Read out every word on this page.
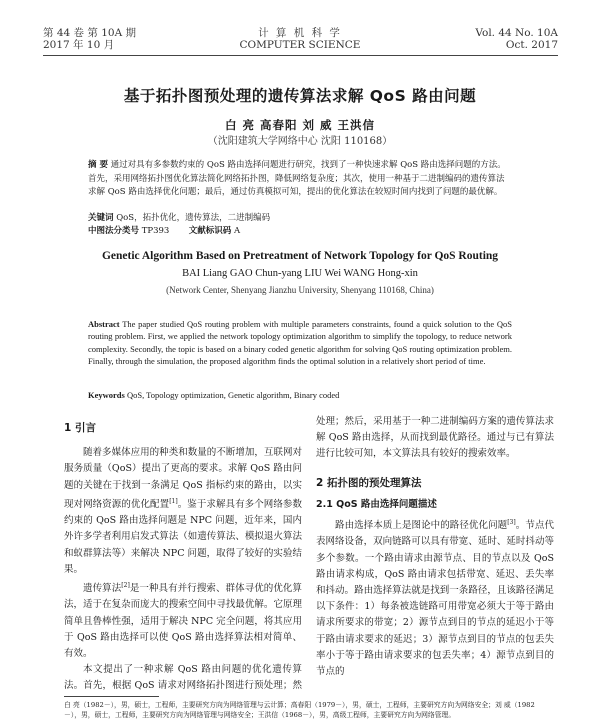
第 44 卷 第 10A 期
2017 年 10 月
计 算 机 科 学
COMPUTER SCIENCE
Vol. 44 No. 10A
Oct. 2017
基于拓扑图预处理的遗传算法求解 QoS 路由问题
白 亮 高春阳 刘 威 王洪信
（沈阳建筑大学网络中心 沈阳 110168）
摘 要 通过对具有多参数约束的 QoS 路由选择问题进行研究，找到了一种快速求解 QoS 路由选择问题的方法。首先，采用网络拓扑图优化算法简化网络拓扑图，降低网络复杂度；其次，使用一种基于二进制编码的遗传算法求解 QoS 路由选择优化问题；最后，通过仿真模拟可知，提出的优化算法在较短时间内找到了问题的最优解。
关键词 QoS，拓扑优化，遗传算法，二进制编码
中图法分类号 TP393 文献标识码 A
Genetic Algorithm Based on Pretreatment of Network Topology for QoS Routing
BAI Liang GAO Chun-yang LIU Wei WANG Hong-xin
(Network Center, Shenyang Jianzhu University, Shenyang 110168, China)
Abstract The paper studied QoS routing problem with multiple parameters constraints, found a quick solution to the QoS routing problem. First, we applied the network topology optimization algorithm to simplify the topology, to reduce network complexity. Secondly, the topic is based on a binary coded genetic algorithm for solving QoS routing optimization problem. Finally, through the simulation, the proposed algorithm finds the optimal solution in a relatively short period of time.
Keywords QoS, Topology optimization, Genetic algorithm, Binary coded
1 引言

随着多媒体应用的种类和数量的不断增加，互联网对服务质量（QoS）提出了更高的要求。求解 QoS 路由问题的关键在于找到一条满足 QoS 指标约束的路由，以实现对网络资源的优化配置[1]。鉴于求解具有多个网络参数约束的 QoS 路由选择问题是 NPC 问题，近年来，国内外许多学者利用启发式算法（如遗传算法、模拟退火算法和蚁群算法等）来解决 NPC 问题，取得了较好的实验结果。

遗传算法[2]是一种具有并行搜索、群体寻优的优化算法，适于在复杂而庞大的搜索空间中寻找最优解。它原理简单且鲁棒性强，适用于解决 NPC 完全问题，将其应用于 QoS 路由选择可以使 QoS 路由选择算法相对简单、有效。

本文提出了一种求解 QoS 路由问题的优化遗传算法。首先，根据 QoS 请求对网络拓扑图进行预处理；然

处理；然后，采用基于一种二进制编码方案的遗传算法求解 QoS 路由选择，从而找到最优路径。通过与已有算法进行比较可知，本文算法具有较好的搜索效率。

2 拓扑图的预处理算法
2.1 QoS 路由选择问题描述

路由选择本质上是图论中的路径优化问题[3]。节点代表网络设备，双向链路可以具有带宽、延时、延时抖动等多个参数。一个路由请求由源节点、目的节点以及 QoS 路由请求构成，QoS 路由请求包括带宽、延迟、丢失率和抖动。路由选择算法就是找到一条路径，且该路径满足以下条件：1）每条被选链路可用带宽必须大于等于路由请求所要求的带宽；2）源节点到目的节点的延迟小于等于路由请求要求的延迟；3）源节点到目的节点的包丢失率小于等于路由请求要求的包丢失率；4）源节点到目的节点的

白 亮（1982－），男，硕士，工程师，主要研究方向为网络管理与云计算；高春阳（1979－），男，硕士，工程师，主要研究方向为网络安全；刘 威（1982－），男，硕士，工程师，主要研究方向为网络管理与网络安全；王洪信（1968－），男，高级工程师，主要研究方向为网络管理。
